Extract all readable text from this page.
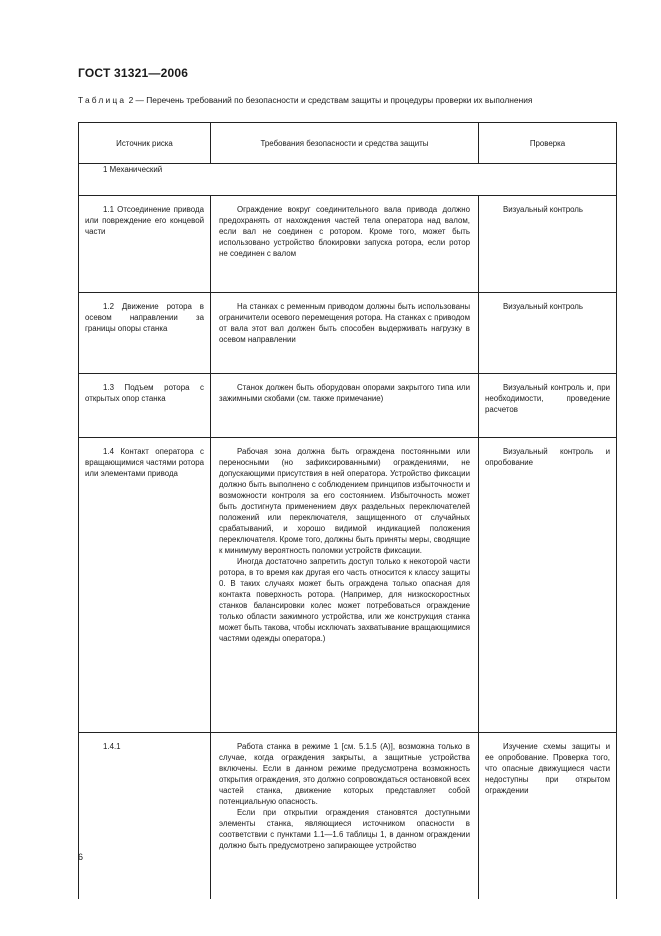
ГОСТ 31321—2006
Таблица 2 — Перечень требований по безопасности и средствам защиты и процедуры проверки их выполнения
Источник риска	Требования безопасности и средства защиты	Проверка
1 Механический		
1.1 Отсоединение привода или повреждение его концевой части	Ограждение вокруг соединительного вала привода должно предохранять от нахождения частей тела оператора над валом, если вал не соединен с ротором. Кроме того, может быть использовано устройство блокировки запуска ротора, если ротор не соединен с валом	Визуальный контроль
1.2 Движение ротора в осевом направлении за границы опоры станка	На станках с ременным приводом должны быть использованы ограничители осевого перемещения ротора. На станках с приводом от вала этот вал должен быть способен выдерживать нагрузку в осевом направлении	Визуальный контроль
1.3 Подъем ротора с открытых опор станка	Станок должен быть оборудован опорами закрытого типа или зажимными скобами (см. также примечание)	Визуальный контроль и, при необходимости, проведение расчетов
1.4 Контакт оператора с вращающимися частями ротора или элементами привода	Рабочая зона должна быть ограждена постоянными или переносными (но зафиксированными) ограждениями, не допускающими присутствия в ней оператора. Устройство фиксации должно быть выполнено с соблюдением принципов избыточности и возможности контроля за его состоянием. Избыточность может быть достигнута применением двух раздельных переключателей положений или переключателя, защищенного от случайных срабатываний, и хорошо видимой индикацией положения переключателя. Кроме того, должны быть приняты меры, сводящие к минимуму вероятность поломки устройств фиксации.

Иногда достаточно запретить доступ только к некоторой части ротора, в то время как другая его часть относится к классу защиты 0. В таких случаях может быть ограждена только опасная для контакта поверхность ротора. (Например, для низкоскоростных станков балансировки колес может потребоваться ограждение только области зажимного устройства, или же конструкция станка может быть такова, чтобы исключать захватывание вращающимися частями одежды оператора.)	Визуальный контроль и опробование
1.4.1	Работа станка в режиме 1 [см. 5.1.5 (А)], возможна только в случае, когда ограждения закрыты, а защитные устройства включены. Если в данном режиме предусмотрена возможность открытия ограждения, это должно сопровождаться остановкой всех частей станка, движение которых представляет собой потенциальную опасность.

Если при открытии ограждения становятся доступными элементы станка, являющиеся источником опасности в соответствии с пунктами 1.1—1.6 таблицы 1, в данном ограждении должно быть предусмотрено запирающее устройство	Изучение схемы защиты и ее опробование. Проверка того, что опасные движущиеся части недоступны при открытом ограждении
6
